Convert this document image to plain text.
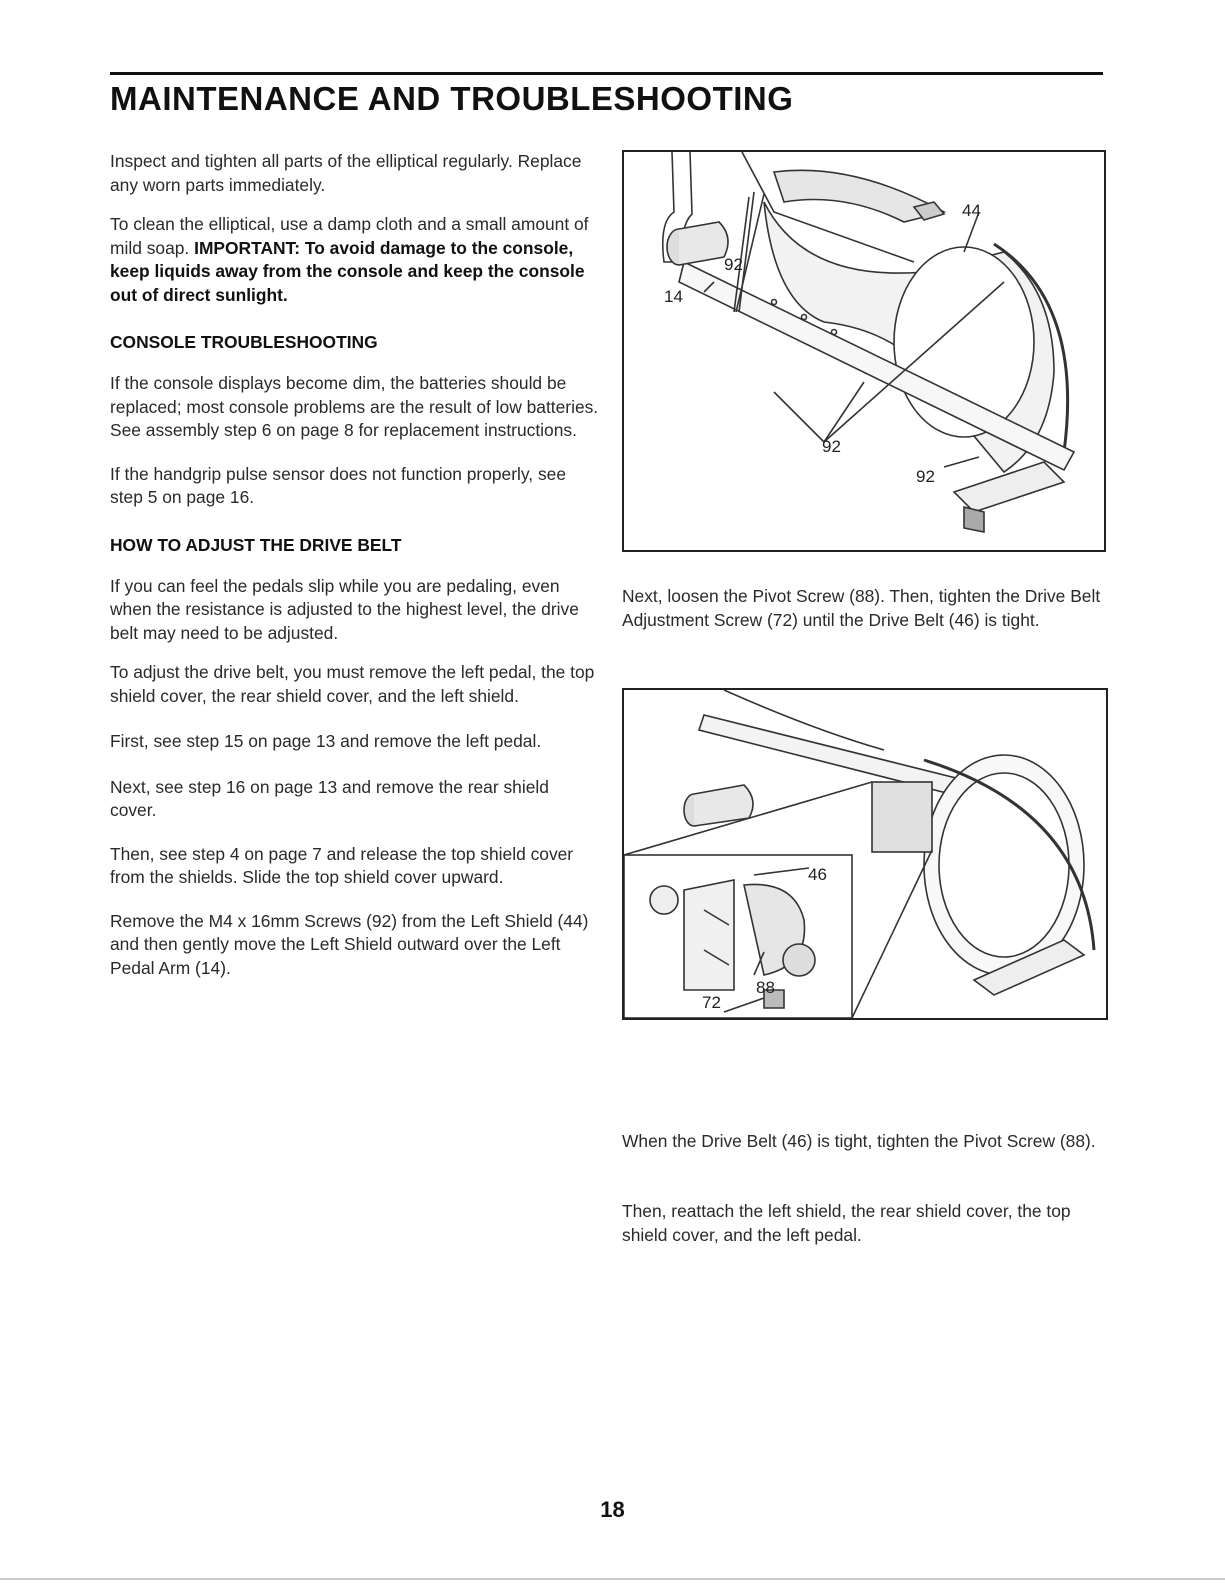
MAINTENANCE AND TROUBLESHOOTING

Inspect and tighten all parts of the elliptical regularly. Replace any worn parts immediately.

To clean the elliptical, use a damp cloth and a small amount of mild soap. IMPORTANT: To avoid damage to the console, keep liquids away from the console and keep the console out of direct sunlight.

CONSOLE TROUBLESHOOTING

If the console displays become dim, the batteries should be replaced; most console problems are the result of low batteries. See assembly step 6 on page 8 for replacement instructions.

If the handgrip pulse sensor does not function properly, see step 5 on page 16.

HOW TO ADJUST THE DRIVE BELT

If you can feel the pedals slip while you are pedaling, even when the resistance is adjusted to the highest level, the drive belt may need to be adjusted.

To adjust the drive belt, you must remove the left pedal, the top shield cover, the rear shield cover, and the left shield.

First, see step 15 on page 13 and remove the left pedal.

Next, see step 16 on page 13 and remove the rear shield cover.

Then, see step 4 on page 7 and release the top shield cover from the shields. Slide the top shield cover upward.

Remove the M4 x 16mm Screws (92) from the Left Shield (44) and then gently move the Left Shield outward over the Left Pedal Arm (14).

44
14
92
92
92

Next, loosen the Pivot Screw (88). Then, tighten the Drive Belt Adjustment Screw (72) until the Drive Belt (46) is tight.

46
88
72

When the Drive Belt (46) is tight, tighten the Pivot Screw (88).

Then, reattach the left shield, the rear shield cover, the top shield cover, and the left pedal.

18
